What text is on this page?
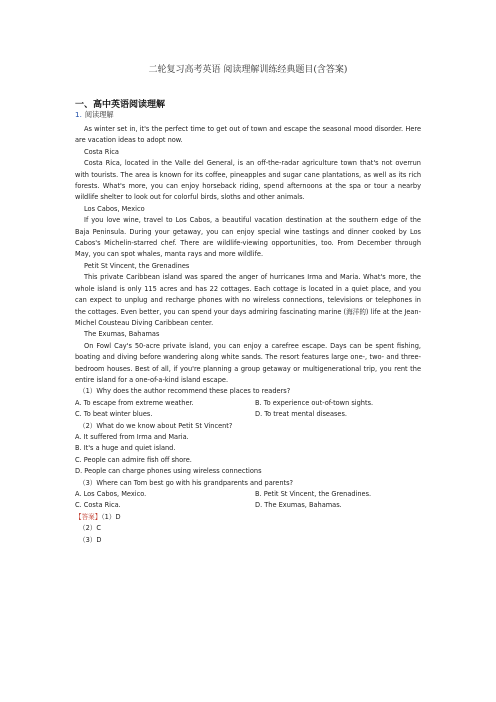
二轮复习高考英语 阅读理解训练经典题目(含答案)
一、高中英语阅读理解
1. 阅读理解

As winter set in, it's the perfect time to get out of town and escape the seasonal mood disorder. Here are vacation ideas to adopt now.

Costa Rica

Costa Rica, located in the Valle del General, is an off-the-radar agriculture town that's not overrun with tourists. The area is known for its coffee, pineapples and sugar cane plantations, as well as its rich forests. What's more, you can enjoy horseback riding, spend afternoons at the spa or tour a nearby wildlife shelter to look out for colorful birds, sloths and other animals.

Los Cabos, Mexico

If you love wine, travel to Los Cabos, a beautiful vacation destination at the southern edge of the Baja Peninsula. During your getaway, you can enjoy special wine tastings and dinner cooked by Los Cabos's Michelin-starred chef. There are wildlife-viewing opportunities, too. From December through May, you can spot whales, manta rays and more wildlife.

Petit St Vincent, the Grenadines

This private Caribbean island was spared the anger of hurricanes Irma and Maria. What's more, the whole island is only 115 acres and has 22 cottages. Each cottage is located in a quiet place, and you can expect to unplug and recharge phones with no wireless connections, televisions or telephones in the cottages. Even better, you can spend your days admiring fascinating marine (海洋的) life at the Jean-Michel Cousteau Diving Caribbean center.

The Exumas, Bahamas

On Fowl Cay's 50-acre private island, you can enjoy a carefree escape. Days can be spent fishing, boating and diving before wandering along white sands. The resort features large one-, two- and three-bedroom houses. Best of all, if you're planning a group getaway or multigenerational trip, you rent the entire island for a one-of-a-kind island escape.

（1）Why does the author recommend these places to readers?

A. To escape from extreme weather.	B. To experience out-of-town sights.
C. To beat winter blues.	D. To treat mental diseases.

（2）What do we know about Petit St Vincent?

A. It suffered from Irma and Maria.

B. It's a huge and quiet island.

C. People can admire fish off shore.

D. People can charge phones using wireless connections

（3）Where can Tom best go with his grandparents and parents?

A. Los Cabos, Mexico.	B. Petit St Vincent, the Grenadines.
C. Costa Rica.	D. The Exumas, Bahamas.

【答案】（1）D

（2）C

（3）D
